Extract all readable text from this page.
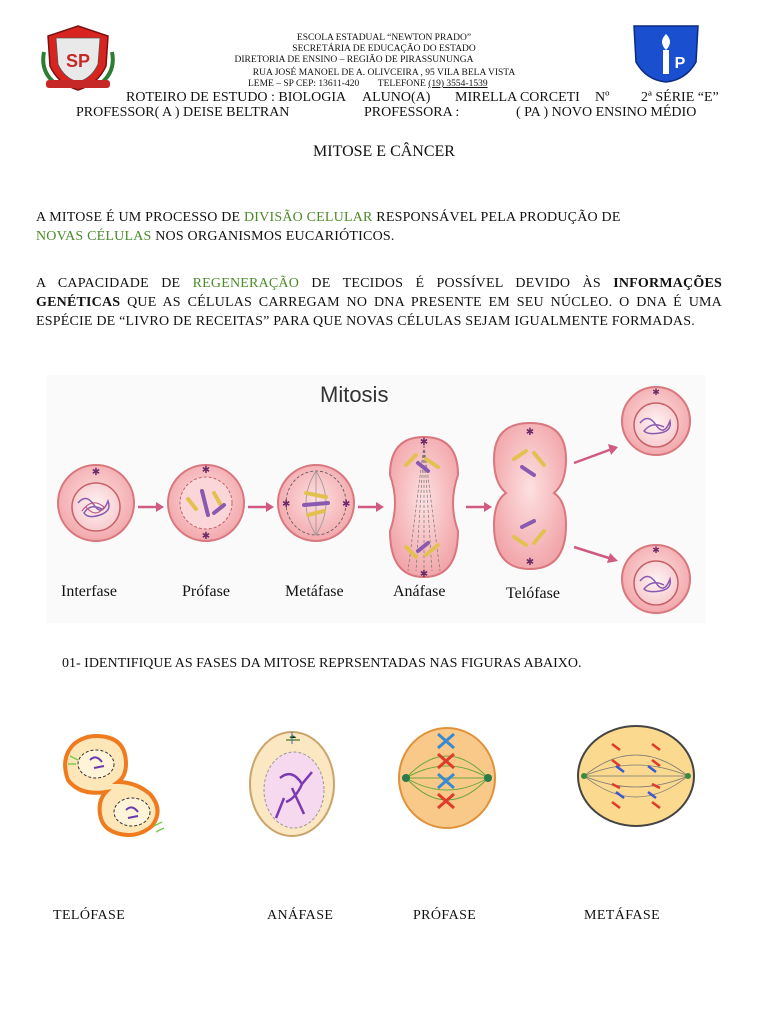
SP	P
ESCOLA ESTADUAL “NEWTON PRADO”
SECRETÁRIA DE EDUCAÇÃO DO ESTADO
DIRETORIA DE ENSINO – REGIÃO DE PIRASSUNUNGA
RUA JOSÉ MANOEL DE A. OLIVCEIRA , 95 VILA BELA VISTA
LEME – SP CEP: 13611-420 TELEFONE (19) 3554-1539
ROTEIRO DE ESTUDO : BIOLOGIA ALUNO(A) MIRELLA CORCETI Nº 2ª SÉRIE “E”
PROFESSOR( A ) DEISE BELTRAN	PROFESSORA :	( PA ) NOVO ENSINO MÉDIO
MITOSE E CÂNCER
A MITOSE É UM PROCESSO DE DIVISÃO CELULAR RESPONSÁVEL PELA PRODUÇÃO DE NOVAS CÉLULAS NOS ORGANISMOS EUCARIÓTICOS.
A CAPACIDADE DE REGENERAÇÃO DE TECIDOS É POSSÍVEL DEVIDO ÀS INFORMAÇÕES GENÉTICAS QUE AS CÉLULAS CARREGAM NO DNA PRESENTE EM SEU NÚCLEO. O DNA É UMA ESPÉCIE DE “LIVRO DE RECEITAS” PARA QUE NOVAS CÉLULAS SEJAM IGUALMENTE FORMADAS.
Mitosis
✱	✱
✱
✱	✱
✱
✱
✱
✱
✱
✱
Interfase	Prófase	Metáfase	Anáfase	Telófase
01- IDENTIFIQUE AS FASES DA MITOSE REPRSENTADAS NAS FIGURAS ABAIXO.
TELÓFASE	ANÁFASE	PRÓFASE	METÁFASE
